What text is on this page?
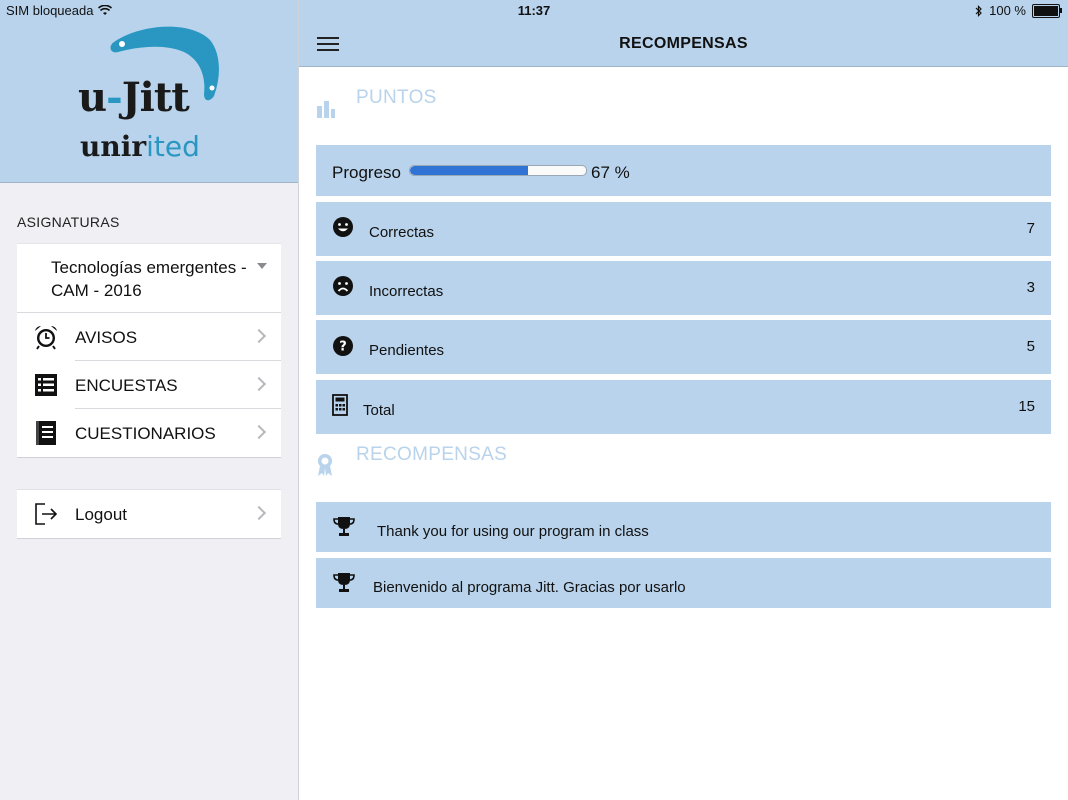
SIM bloqueada	11:37	100 %
u-Jitt
unirited
ASIGNATURAS
Tecnologías emergentes - CAM - 2016
AVISOS
ENCUESTAS
CUESTIONARIOS
Logout
RECOMPENSAS
PUNTOS
Progreso	67 %
Correctas	7
Incorrectas	3
? Pendientes	5
Total	15
RECOMPENSAS
Thank you for using our program in class
Bienvenido al programa Jitt. Gracias por usarlo
